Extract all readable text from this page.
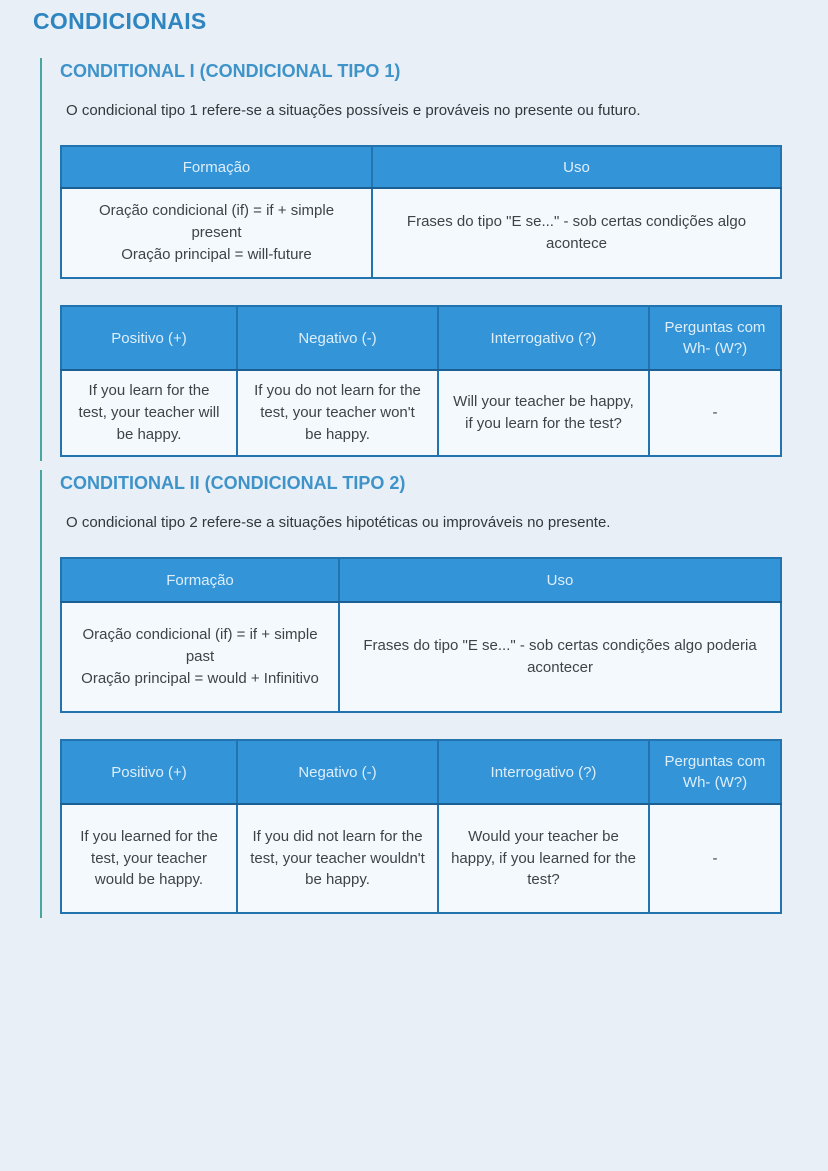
CONDICIONAIS
CONDITIONAL I (CONDICIONAL TIPO 1)

O condicional tipo 1 refere-se a situações possíveis e prováveis no presente ou futuro.

Formação	Uso

Oração condicional (if) = if + simple present
Oração principal = will-future	Frases do tipo "E se..." - sob certas condições algo acontece
Positivo (+)	Negativo (-)	Interrogativo (?)	Perguntas com Wh- (W?)
If you learn for the test, your teacher will be happy.	If you do not learn for the test, your teacher won't be happy.	Will your teacher be happy, if you learn for the test?	-
CONDITIONAL II (CONDICIONAL TIPO 2)

O condicional tipo 2 refere-se a situações hipotéticas ou improváveis no presente.

Formação	Uso

Oração condicional (if) = if + simple past
Oração principal = would + Infinitivo	Frases do tipo "E se..." - sob certas condições algo poderia acontecer
Positivo (+)	Negativo (-)	Interrogativo (?)	Perguntas com Wh- (W?)
If you learned for the test, your teacher would be happy.	If you did not learn for the test, your teacher wouldn't be happy.	Would your teacher be happy, if you learned for the test?	-
